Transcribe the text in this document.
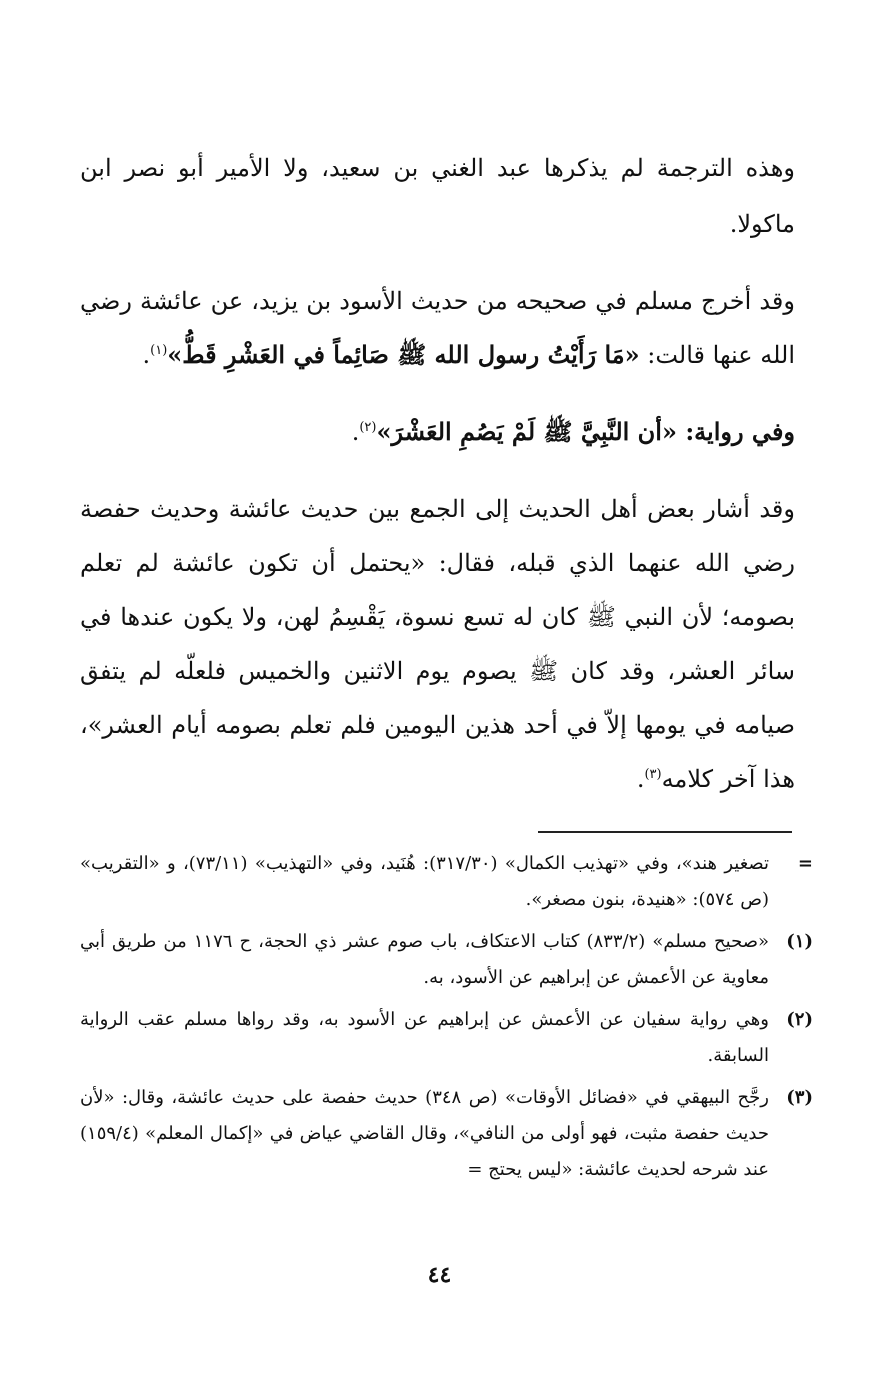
وهذه الترجمة لم يذكرها عبد الغني بن سعيد، ولا الأمير أبو نصر ابن ماكولا.

وقد أخرج مسلم في صحيحه من حديث الأسود بن يزيد، عن عائشة رضي الله عنها قالت: «مَا رَأَيْتُ رسول الله ﷺ صَائِماً في العَشْرِ قَطُّ»$^{(١)}$.

وفي رواية: «أن النَّبِيَّ ﷺ لَمْ يَصُمِ العَشْرَ»$^{(٢)}$.

وقد أشار بعض أهل الحديث إلى الجمع بين حديث عائشة وحديث حفصة رضي الله عنهما الذي قبله، فقال: «يحتمل أن تكون عائشة لم تعلم بصومه؛ لأن النبي ﷺ كان له تسع نسوة، يَقْسِمُ لهن، ولا يكون عندها في سائر العشر، وقد كان ﷺ يصوم يوم الاثنين والخميس فلعلّه لم يتفق صيامه في يومها إلاّ في أحد هذين اليومين فلم تعلم بصومه أيام العشر»، هذا آخر كلامه$^{(٣)}$.

=
تصغير هند»، وفي «تهذيب الكمال» (٣١٧/٣٠): هُنَيد، وفي «التهذيب» (٧٣/١١)، و «التقريب» (ص ٥٧٤): «هنيدة، بنون مصغر».
(١)
«صحيح مسلم» (٨٣٣/٢) كتاب الاعتكاف، باب صوم عشر ذي الحجة، ح ١١٧٦ من طريق أبي معاوية عن الأعمش عن إبراهيم عن الأسود، به.
(٢)
وهي رواية سفيان عن الأعمش عن إبراهيم عن الأسود به، وقد رواها مسلم عقب الرواية السابقة.
(٣)
رجَّح البيهقي في «فضائل الأوقات» (ص ٣٤٨) حديث حفصة على حديث عائشة، وقال: «لأن حديث حفصة مثبت، فهو أولى من النافي»، وقال القاضي عياض في «إكمال المعلم» (١٥٩/٤) عند شرحه لحديث عائشة: «ليس يحتج =
٤٤
